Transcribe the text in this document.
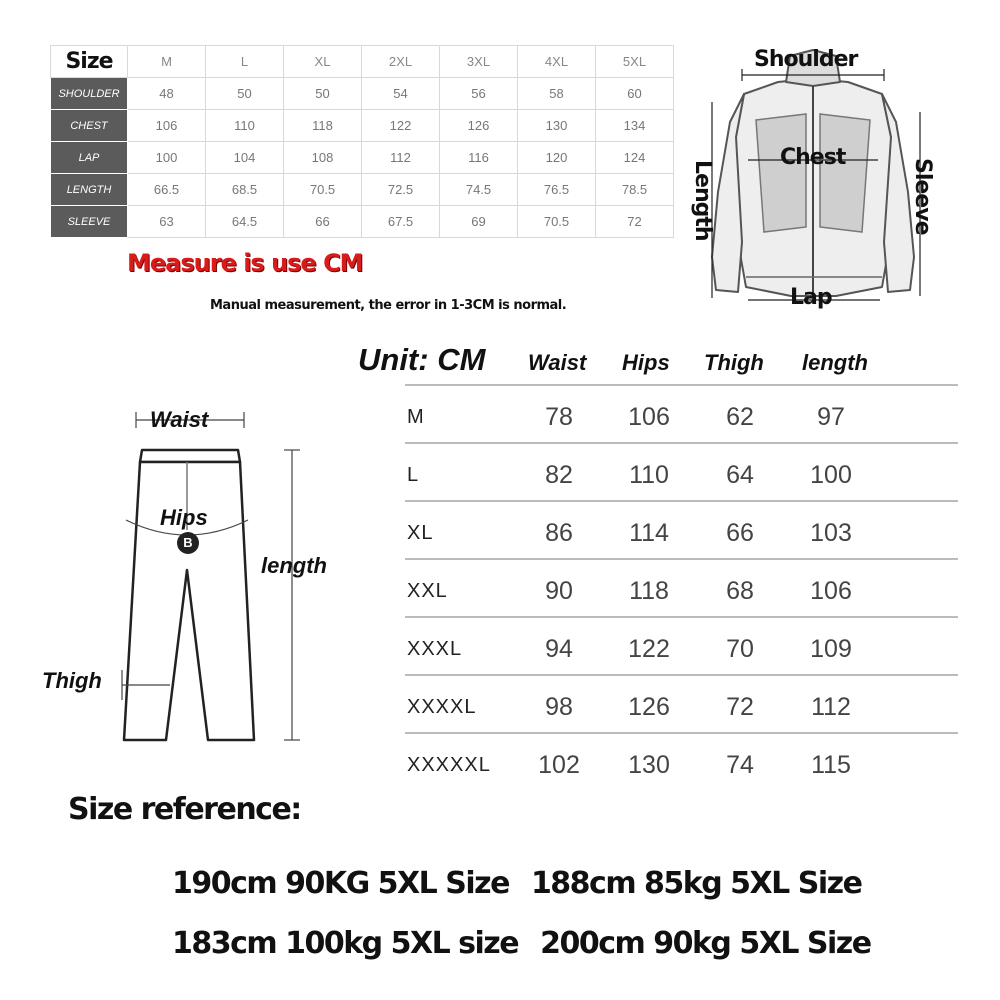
Size	M	L	XL	2XL	3XL	4XL	5XL
SHOULDER	48	50	50	54	56	58	60
CHEST	106	110	118	122	126	130	134
LAP	100	104	108	112	116	120	124
LENGTH	66.5	68.5	70.5	72.5	74.5	76.5	78.5
SLEEVE	63	64.5	66	67.5	69	70.5	72
Measure is use CM
Manual measurement, the error in 1-3CM is normal.
Shoulder
Chest
Lap
Length	Sleeve
Unit: CM Waist Hips Thigh length
M	78	106	62	97
L	82	110	64	100
XL	86	114	66	103
XXL	90	118	68	106
XXXL	94	122	70	109
XXXXL	98	126	72	112
XXXXXL	102	130	74	115
Waist
Hips
B
length
Thigh
Size reference:
190cm 90KG 5XL Size 188cm 85kg 5XL Size
183cm 100kg 5XL size 200cm 90kg 5XL Size
